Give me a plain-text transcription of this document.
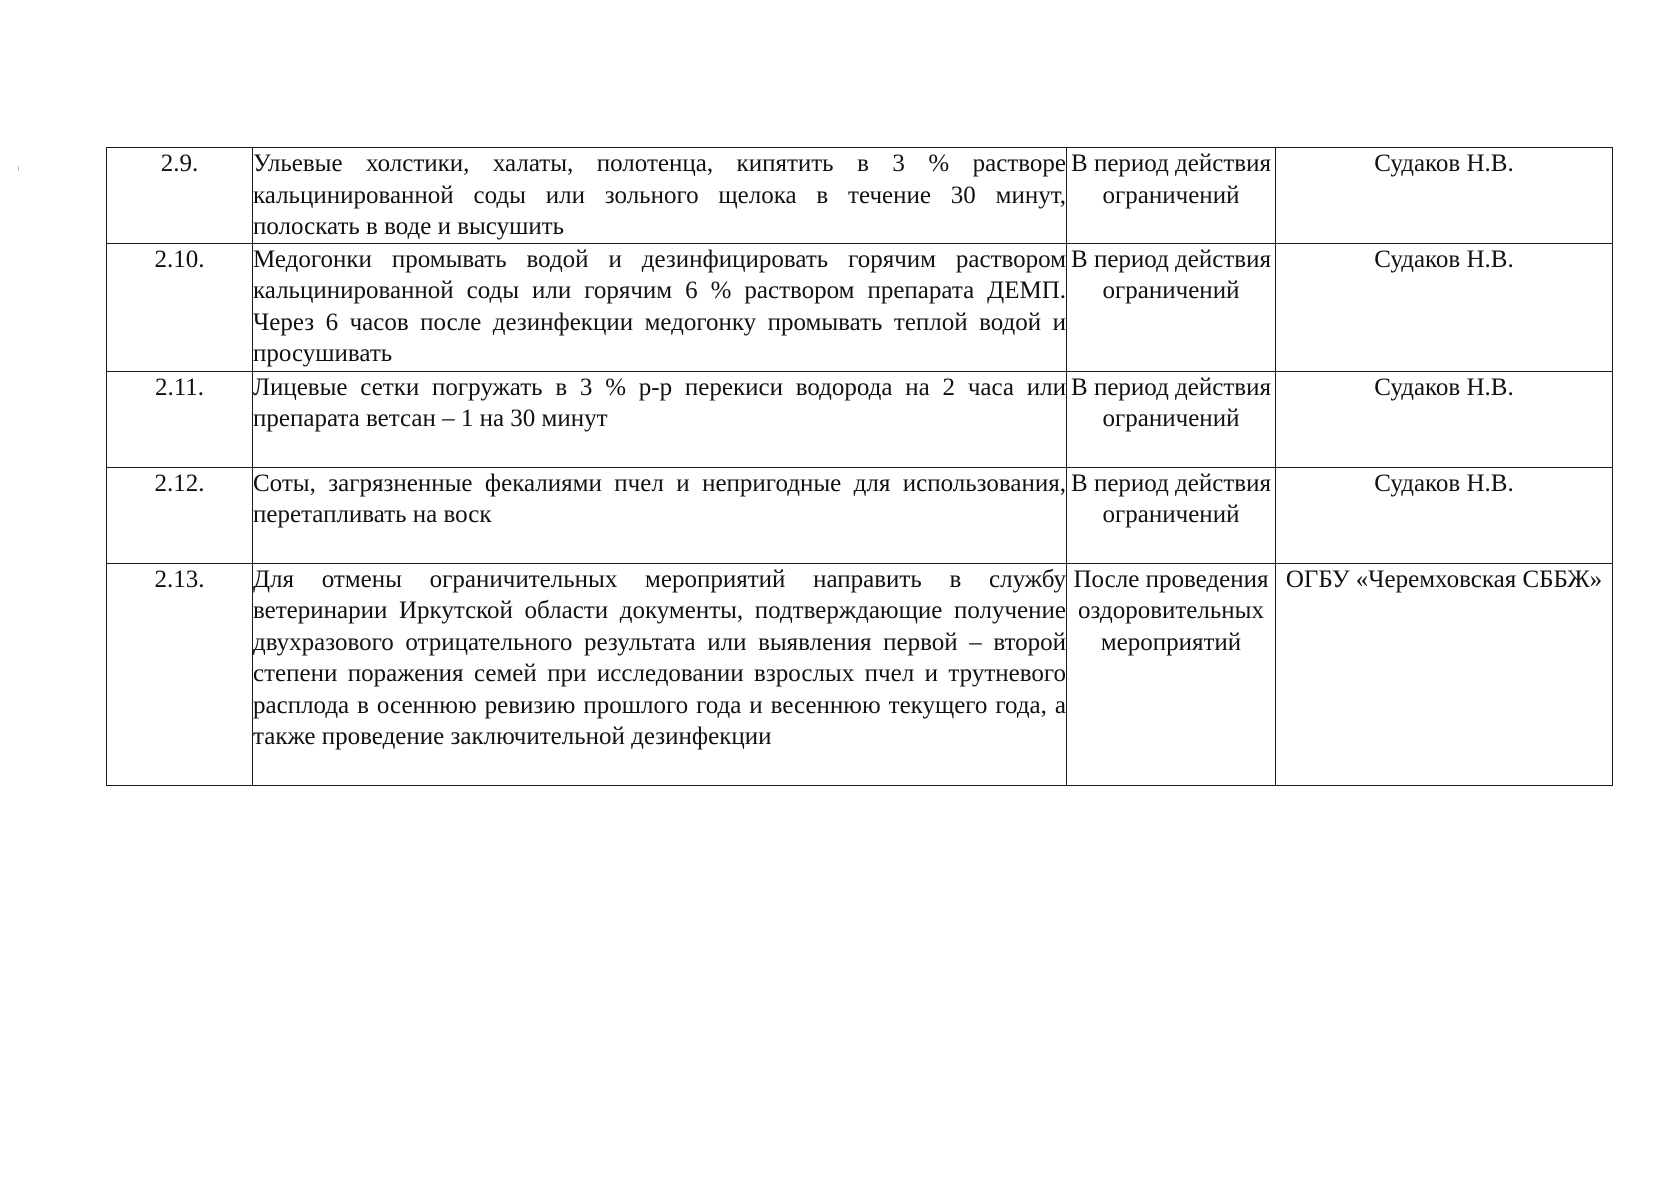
2.9.	Ульевые холстики, халаты, полотенца, кипятить в 3 % растворе кальцинированной соды или зольного щелока в течение 30 минут, полоскать в воде и высушить	В период действия ограничений	Судаков Н.В.
2.10.	Медогонки промывать водой и дезинфицировать горячим раствором кальцинированной соды или горячим 6 % раствором препарата ДЕМП. Через 6 часов после дезинфекции медогонку промывать теплой водой и просушивать	В период действия ограничений	Судаков Н.В.
2.11.	Лицевые сетки погружать в 3 % р-р перекиси водорода на 2 часа или препарата ветсан – 1 на 30 минут	В период действия ограничений	Судаков Н.В.
2.12.	Соты, загрязненные фекалиями пчел и непригодные для использования, перетапливать на воск	В период действия ограничений	Судаков Н.В.
2.13.	Для отмены ограничительных мероприятий направить в службу ветеринарии Иркутской области документы, подтверждающие получение двухразового отрицательного результата или выявления первой – второй степени поражения семей при исследовании взрослых пчел и трутневого расплода в осеннюю ревизию прошлого года и весеннюю текущего года, а также проведение заключительной дезинфекции	После проведения оздоровительных мероприятий	ОГБУ «Черемховская СББЖ»
